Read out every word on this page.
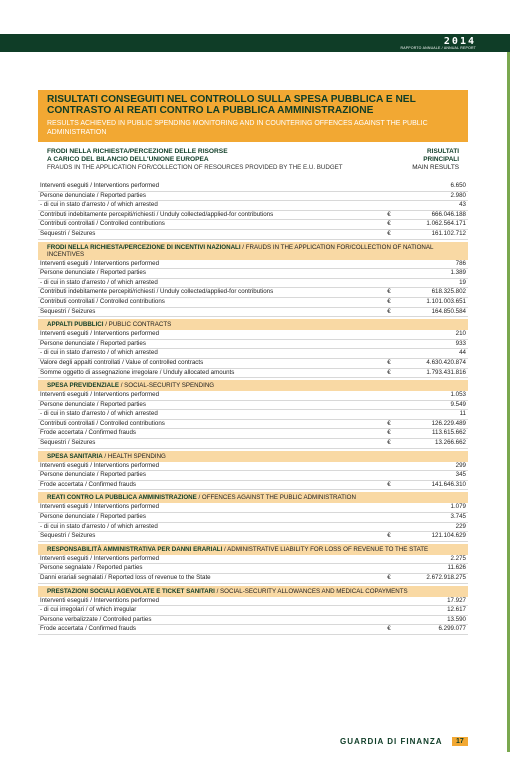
2014
RAPPORTO ANNUALE / ANNUAL REPORT
RISULTATI CONSEGUITI NEL CONTROLLO SULLA SPESA PUBBLICA E NEL CONTRASTO AI REATI CONTRO LA PUBBLICA AMMINISTRAZIONE
RESULTS ACHIEVED IN PUBLIC SPENDING MONITORING AND IN COUNTERING OFFENCES AGAINST THE PUBLIC ADMINISTRATION
FRODI NELLA RICHIESTA/PERCEZIONE DELLE RISORSE
A CARICO DEL BILANCIO DELL'UNIONE EUROPEA
FRAUDS IN THE APPLICATION FOR/COLLECTION OF RESOURCES PROVIDED BY THE E.U. BUDGET
RISULTATI
PRINCIPALI
MAIN RESULTS
Interventi eseguiti / Interventions performed	6.650
Persone denunciate / Reported parties	2.980
- di cui in stato d'arresto / of which arrested	43
Contributi indebitamente percepiti/richiesti / Unduly collected/applied-for contributions	€	666.046.188
Contributi controllati / Controlled contributions	€	1.062.564.171
Sequestri / Seizures	€	161.102.712
FRODI NELLA RICHIESTA/PERCEZIONE DI INCENTIVI NAZIONALI / FRAUDS IN THE APPLICATION FOR/COLLECTION OF NATIONAL INCENTIVES
Interventi eseguiti / Interventions performed	786
Persone denunciate / Reported parties	1.389
- di cui in stato d'arresto / of which arrested	19
Contributi indebitamente percepiti/richiesti / Unduly collected/applied-for contributions	€	618.325.802
Contributi controllati / Controlled contributions	€	1.101.003.651
Sequestri / Seizures	€	164.850.584
APPALTI PUBBLICI / PUBLIC CONTRACTS
Interventi eseguiti / Interventions performed	210
Persone denunciate / Reported parties	933
- di cui in stato d'arresto / of which arrested	44
Valore degli appalti controllati / Value of controlled contracts	€	4.630.420.874
Somme oggetto di assegnazione irregolare / Unduly allocated amounts	€	1.793.431.816
SPESA PREVIDENZIALE / SOCIAL-SECURITY SPENDING
Interventi eseguiti / Interventions performed	1.053
Persone denunciate / Reported parties	9.549
- di cui in stato d'arresto / of which arrested	11
Contributi controllati / Controlled contributions	€	126.229.489
Frode accertata / Confirmed frauds	€	113.615.662
Sequestri / Seizures	€	13.266.662
SPESA SANITARIA / HEALTH SPENDING
Interventi eseguiti / Interventions performed	299
Persone denunciate / Reported parties	345
Frode accertata / Confirmed frauds	€	141.646.310
REATI CONTRO LA PUBBLICA AMMINISTRAZIONE / OFFENCES AGAINST THE PUBLIC ADMINISTRATION
Interventi eseguiti / Interventions performed	1.079
Persone denunciate / Reported parties	3.745
- di cui in stato d'arresto / of which arrested	229
Sequestri / Seizures	€	121.104.629
RESPONSABILITÀ AMMINISTRATIVA PER DANNI ERARIALI / ADMINISTRATIVE LIABILITY FOR LOSS OF REVENUE TO THE STATE
Interventi eseguiti / Interventions performed	2.275
Persone segnalate / Reported parties	11.626
Danni erariali segnalati / Reported loss of revenue to the State	€	2.672.918.275
PRESTAZIONI SOCIALI AGEVOLATE E TICKET SANITARI / SOCIAL-SECURITY ALLOWANCES AND MEDICAL COPAYMENTS
Interventi eseguiti / Interventions performed	17.927
- di cui irregolari / of which irregular	12.617
Persone verbalizzate / Controlled parties	13.590
Frode accertata / Confirmed frauds	€	6.299.077
GUARDIA DI FINANZA	17
